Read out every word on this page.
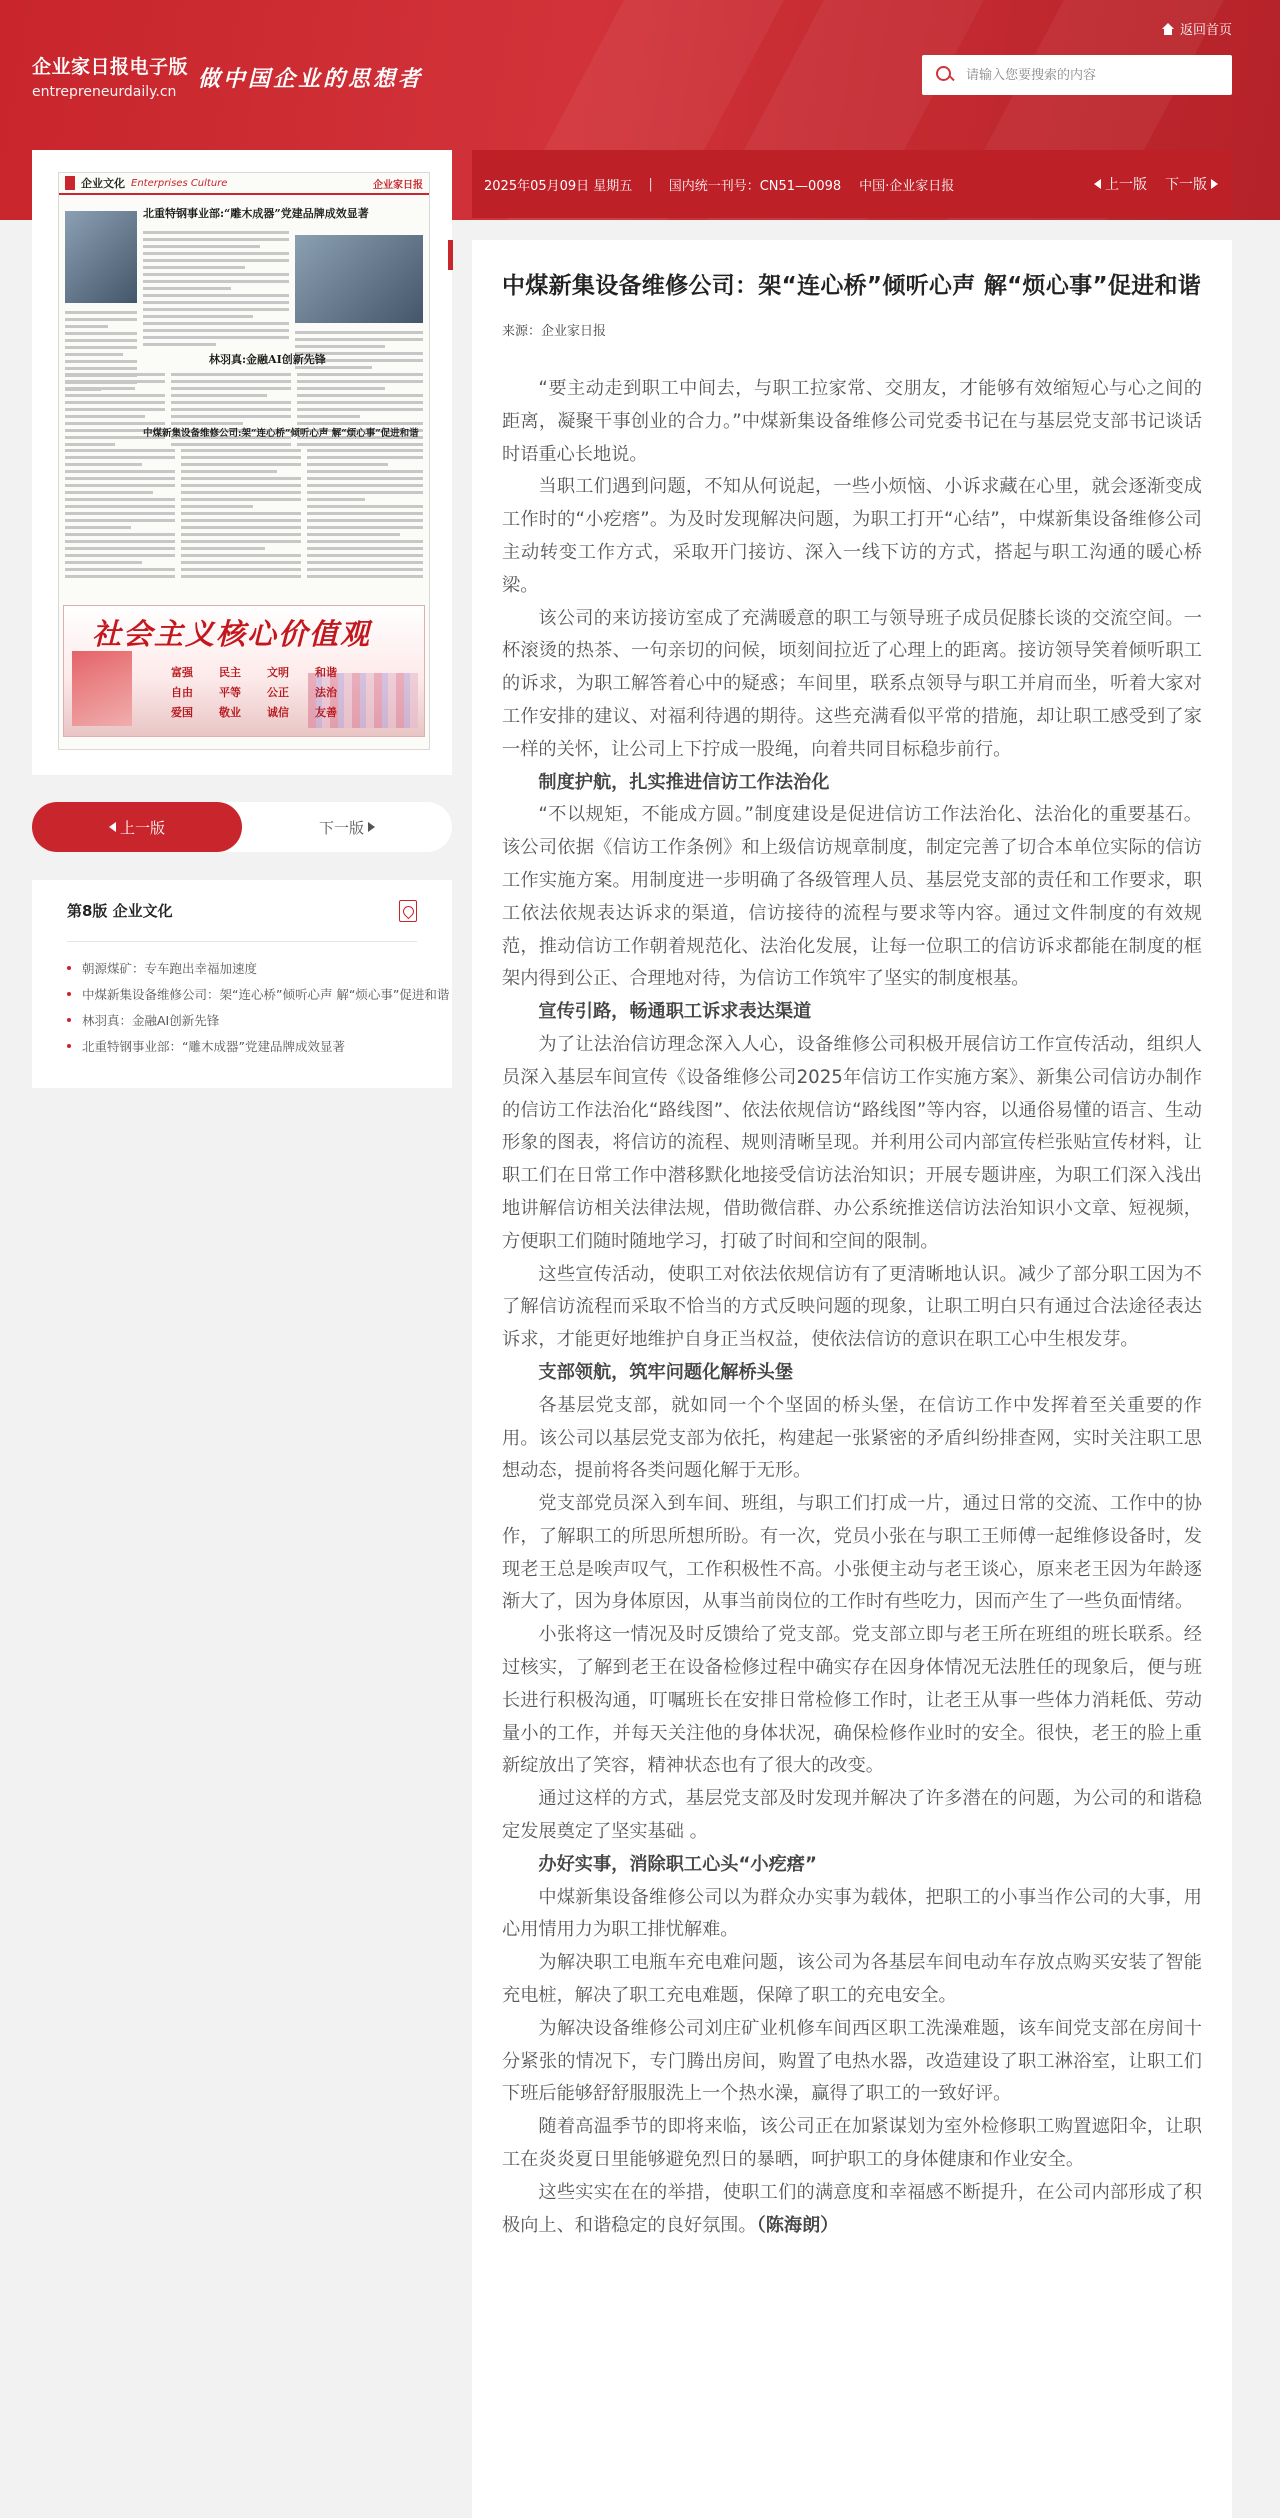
返回首页
企业家日报电子版
entrepreneurdaily.cn 做中国企业的思想者
请输入您要搜索的内容
企业文化 Enterprises Culture	企业家日报
北重特钢事业部:“雕木成器”党建品牌成效显著
林羽真:金融AI创新先锋
中煤新集设备维修公司:架“连心桥”倾听心声 解“烦心事”促进和谐
社会主义核心价值观
富强	民主	文明	和谐
自由	平等	公正	法治
爱国	敬业	诚信	友善
上一版	下一版
第8版 企业文化
朝源煤矿：专车跑出幸福加速度
中煤新集设备维修公司：架“连心桥”倾听心声 解“烦心事”促进和谐
林羽真：金融AI创新先锋
北重特钢事业部：“雕木成器”党建品牌成效显著
2025年05月09日 星期五 | 国内统一刊号：CN51—0098 中国·企业家日报	上一版 下一版
中煤新集设备维修公司：架“连心桥”倾听心声 解“烦心事”促进和谐
来源：企业家日报

“要主动走到职工中间去，与职工拉家常、交朋友，才能够有效缩短心与心之间的距离，凝聚干事创业的合力。”中煤新集设备维修公司党委书记在与基层党支部书记谈话时语重心长地说。

当职工们遇到问题，不知从何说起，一些小烦恼、小诉求藏在心里，就会逐渐变成工作时的“小疙瘩”。为及时发现解决问题，为职工打开“心结”，中煤新集设备维修公司主动转变工作方式，采取开门接访、深入一线下访的方式，搭起与职工沟通的暖心桥梁。

该公司的来访接访室成了充满暖意的职工与领导班子成员促膝长谈的交流空间。一杯滚烫的热茶、一句亲切的问候，顷刻间拉近了心理上的距离。接访领导笑着倾听职工的诉求，为职工解答着心中的疑惑；车间里，联系点领导与职工并肩而坐，听着大家对工作安排的建议、对福利待遇的期待。这些充满看似平常的措施，却让职工感受到了家一样的关怀，让公司上下拧成一股绳，向着共同目标稳步前行。

制度护航，扎实推进信访工作法治化

“不以规矩，不能成方圆。”制度建设是促进信访工作法治化、法治化的重要基石。该公司依据《信访工作条例》和上级信访规章制度，制定完善了切合本单位实际的信访工作实施方案。用制度进一步明确了各级管理人员、基层党支部的责任和工作要求，职工依法依规表达诉求的渠道，信访接待的流程与要求等内容。通过文件制度的有效规范，推动信访工作朝着规范化、法治化发展，让每一位职工的信访诉求都能在制度的框架内得到公正、合理地对待，为信访工作筑牢了坚实的制度根基。

宣传引路，畅通职工诉求表达渠道

为了让法治信访理念深入人心，设备维修公司积极开展信访工作宣传活动，组织人员深入基层车间宣传《设备维修公司2025年信访工作实施方案》、新集公司信访办制作的信访工作法治化“路线图”、依法依规信访“路线图”等内容，以通俗易懂的语言、生动形象的图表，将信访的流程、规则清晰呈现。并利用公司内部宣传栏张贴宣传材料，让职工们在日常工作中潜移默化地接受信访法治知识；开展专题讲座，为职工们深入浅出地讲解信访相关法律法规，借助微信群、办公系统推送信访法治知识小文章、短视频，方便职工们随时随地学习，打破了时间和空间的限制。

这些宣传活动，使职工对依法依规信访有了更清晰地认识。减少了部分职工因为不了解信访流程而采取不恰当的方式反映问题的现象，让职工明白只有通过合法途径表达诉求，才能更好地维护自身正当权益，使依法信访的意识在职工心中生根发芽。

支部领航，筑牢问题化解桥头堡

各基层党支部，就如同一个个坚固的桥头堡，在信访工作中发挥着至关重要的作用。该公司以基层党支部为依托，构建起一张紧密的矛盾纠纷排查网，实时关注职工思想动态，提前将各类问题化解于无形。

党支部党员深入到车间、班组，与职工们打成一片，通过日常的交流、工作中的协作，了解职工的所思所想所盼。有一次，党员小张在与职工王师傅一起维修设备时，发现老王总是唉声叹气，工作积极性不高。小张便主动与老王谈心，原来老王因为年龄逐渐大了，因为身体原因，从事当前岗位的工作时有些吃力，因而产生了一些负面情绪。

小张将这一情况及时反馈给了党支部。党支部立即与老王所在班组的班长联系。经过核实，了解到老王在设备检修过程中确实存在因身体情况无法胜任的现象后，便与班长进行积极沟通，叮嘱班长在安排日常检修工作时，让老王从事一些体力消耗低、劳动量小的工作，并每天关注他的身体状况，确保检修作业时的安全。很快，老王的脸上重新绽放出了笑容，精神状态也有了很大的改变。

通过这样的方式，基层党支部及时发现并解决了许多潜在的问题，为公司的和谐稳定发展奠定了坚实基础 。

办好实事，消除职工心头“小疙瘩”

中煤新集设备维修公司以为群众办实事为载体，把职工的小事当作公司的大事，用心用情用力为职工排忧解难。

为解决职工电瓶车充电难问题，该公司为各基层车间电动车存放点购买安装了智能充电桩，解决了职工充电难题，保障了职工的充电安全。

为解决设备维修公司刘庄矿业机修车间西区职工洗澡难题，该车间党支部在房间十分紧张的情况下，专门腾出房间，购置了电热水器，改造建设了职工淋浴室，让职工们下班后能够舒舒服服洗上一个热水澡，赢得了职工的一致好评。

随着高温季节的即将来临，该公司正在加紧谋划为室外检修职工购置遮阳伞，让职工在炎炎夏日里能够避免烈日的暴晒，呵护职工的身体健康和作业安全。

这些实实在在的举措，使职工们的满意度和幸福感不断提升，在公司内部形成了积极向上、和谐稳定的良好氛围。（陈海朗）
